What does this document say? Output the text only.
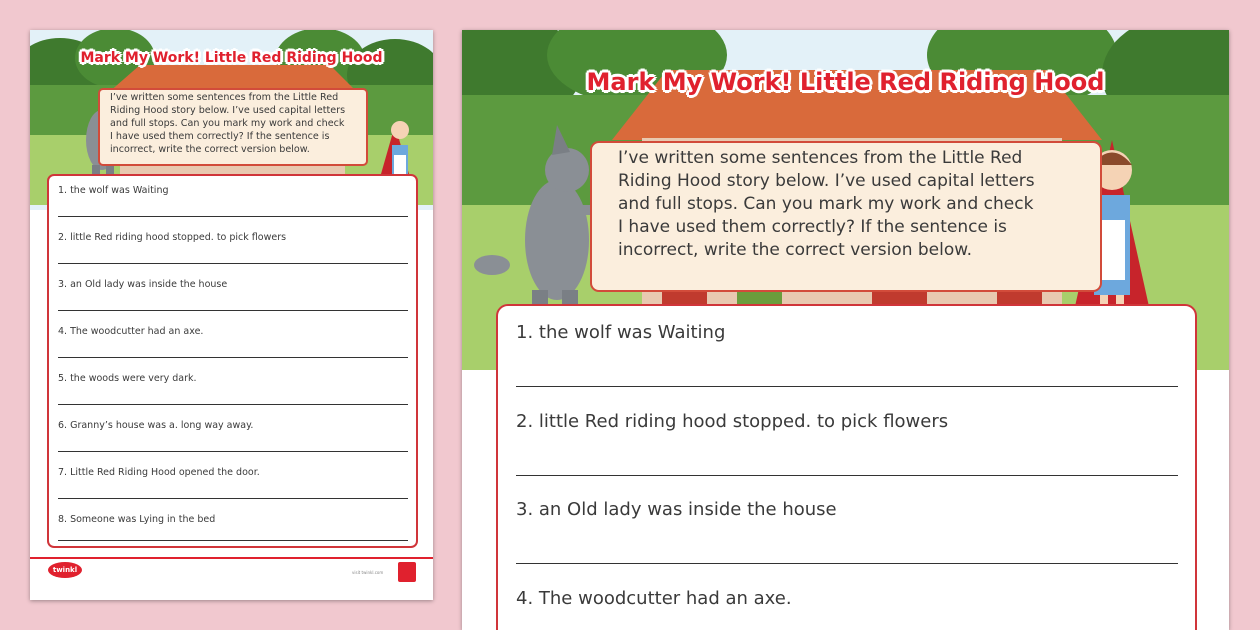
Mark My Work! Little Red Riding Hood
I’ve written some sentences from the Little Red
Riding Hood story below. I’ve used capital letters
and full stops. Can you mark my work and check
I have used them correctly? If the sentence is
incorrect, write the correct version below.
1. the wolf was Waiting
2. little Red riding hood stopped. to pick flowers
3. an Old lady was inside the house
4. The woodcutter had an axe.
5. the woods were very dark.
6. Granny’s house was a. long way away.
7. Little Red Riding Hood opened the door.
8. Someone was Lying in the bed
twinkl	visit twinkl.com
Mark My Work! Little Red Riding Hood
I’ve written some sentences from the Little Red
Riding Hood story below. I’ve used capital letters
and full stops. Can you mark my work and check
I have used them correctly? If the sentence is
incorrect, write the correct version below.
1. the wolf was Waiting
2. little Red riding hood stopped. to pick flowers
3. an Old lady was inside the house
4. The woodcutter had an axe.
